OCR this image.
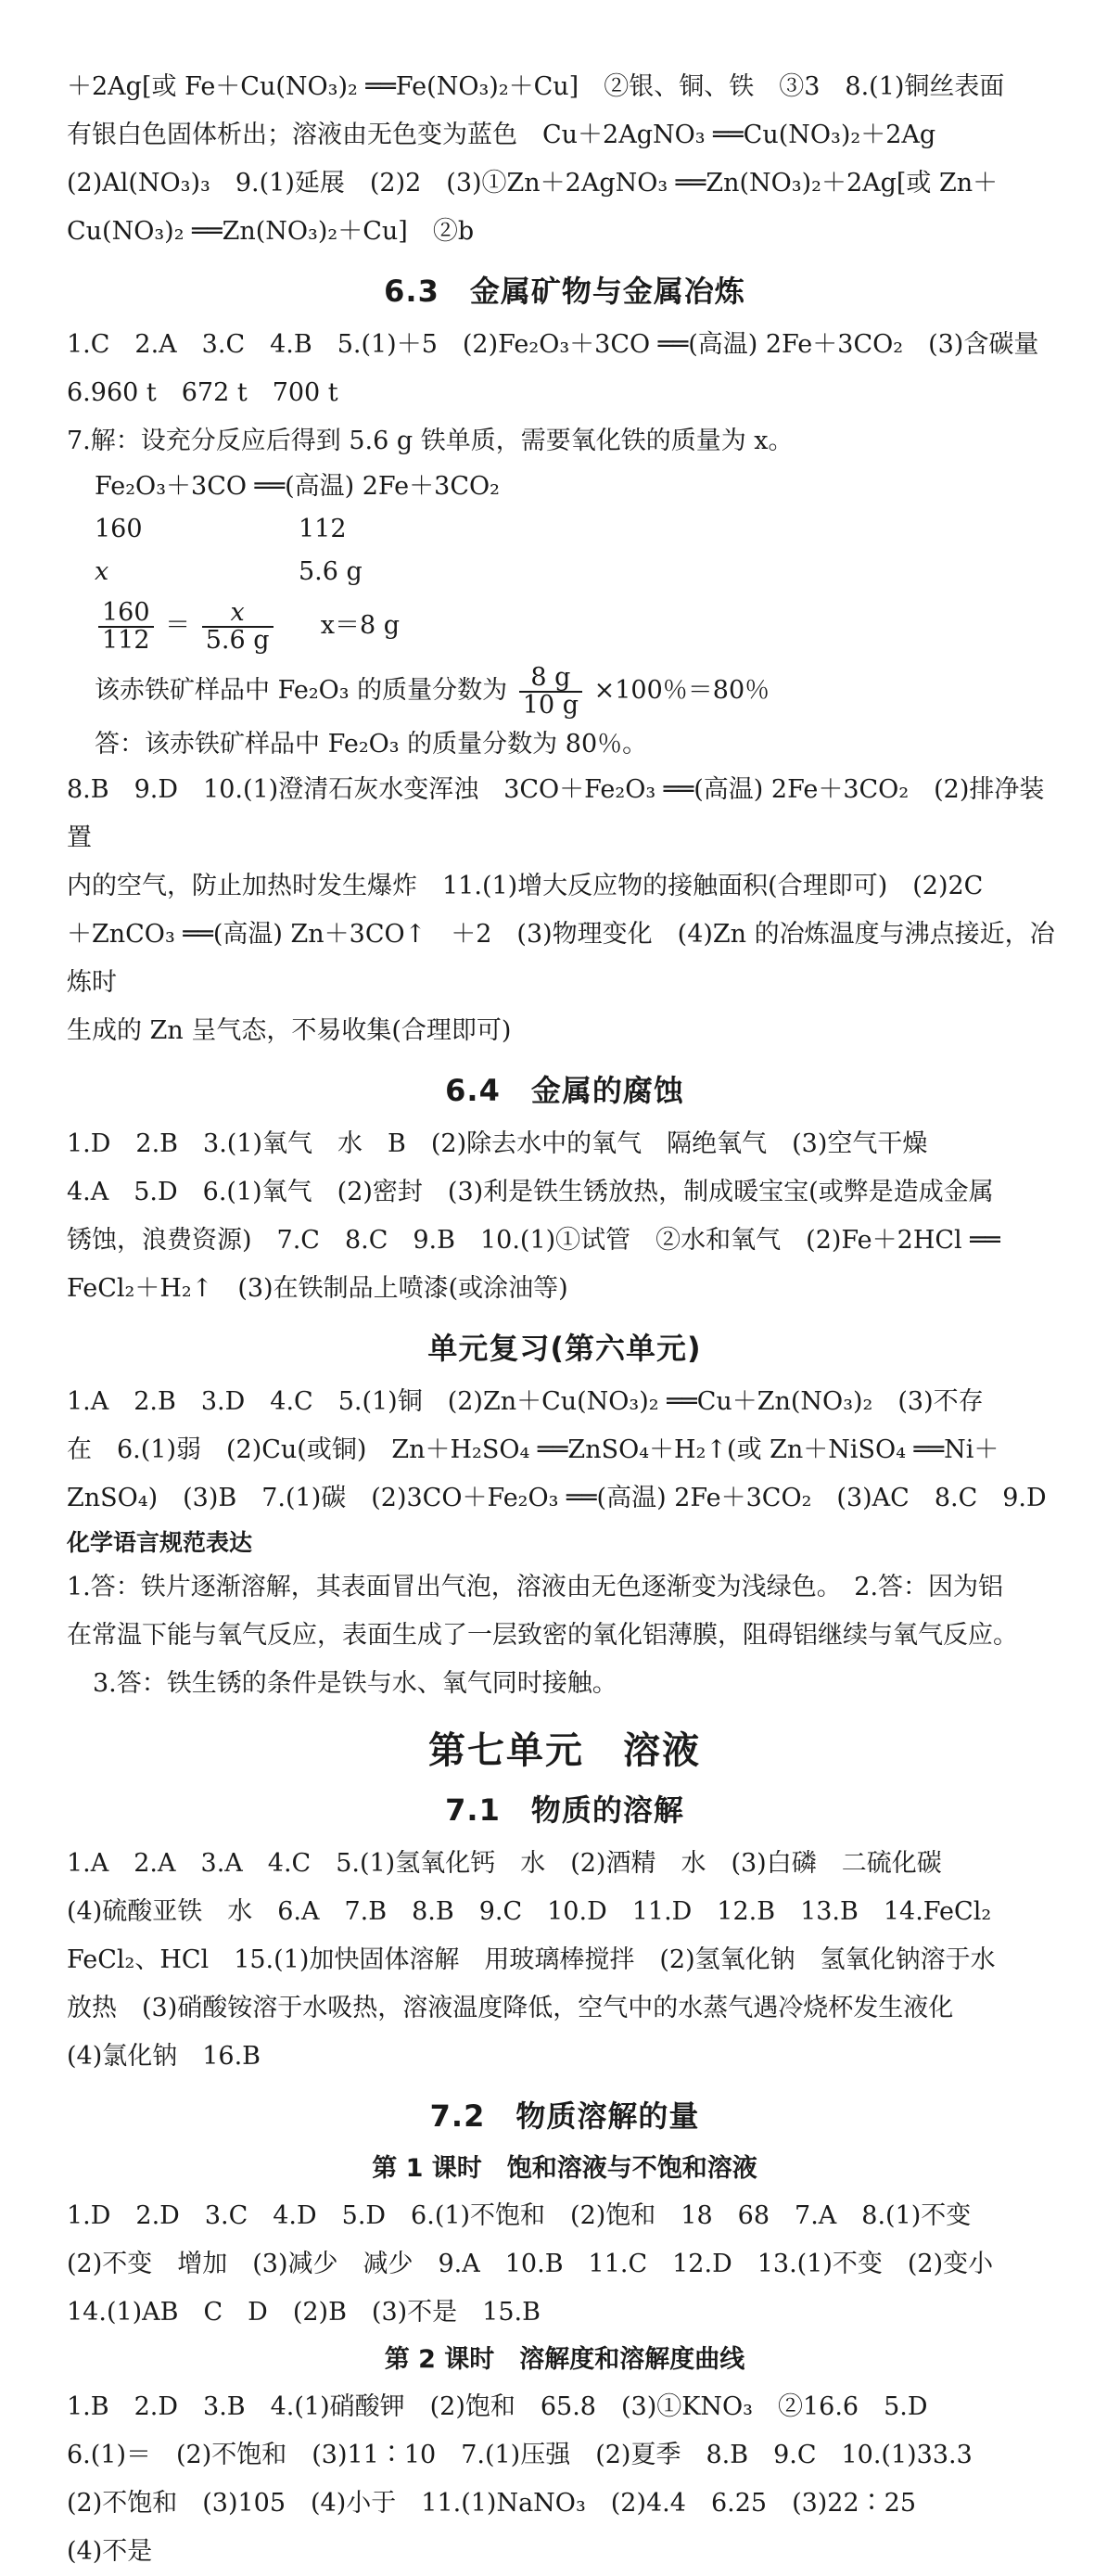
＋2Ag[或 Fe＋Cu(NO₃)₂ ══Fe(NO₃)₂＋Cu]　②银、铜、铁　③3　8.(1)铜丝表面
有银白色固体析出；溶液由无色变为蓝色　Cu＋2AgNO₃ ══Cu(NO₃)₂＋2Ag
(2)Al(NO₃)₃　9.(1)延展　(2)2　(3)①Zn＋2AgNO₃ ══Zn(NO₃)₂＋2Ag[或 Zn＋
Cu(NO₃)₂ ══Zn(NO₃)₂＋Cu]　②b
6.3　金属矿物与金属冶炼
1.C　2.A　3.C　4.B　5.(1)＋5　(2)Fe₂O₃＋3CO ══(高温) 2Fe＋3CO₂　(3)含碳量
6.960 t　672 t　700 t
7.解：设充分反应后得到 5.6 g 铁单质，需要氧化铁的质量为 x。
Fe₂O₃＋3CO ══(高温) 2Fe＋3CO₂
160	112
x	5.6 g
$\frac{160}{112} = \frac{x}{5.6 g} x=8$ g
该赤铁矿样品中 Fe₂O₃ 的质量分数为 $\frac{8 g}{10 g} \times 100$％＝80％
答：该赤铁矿样品中 Fe₂O₃ 的质量分数为 80％。
8.B　9.D　10.(1)澄清石灰水变浑浊　3CO＋Fe₂O₃ ══(高温) 2Fe＋3CO₂　(2)排净装置
内的空气，防止加热时发生爆炸　11.(1)增大反应物的接触面积(合理即可)　(2)2C
＋ZnCO₃ ══(高温) Zn＋3CO↑　＋2　(3)物理变化　(4)Zn 的冶炼温度与沸点接近，冶炼时
生成的 Zn 呈气态，不易收集(合理即可)
6.4　金属的腐蚀
1.D　2.B　3.(1)氧气　水　B　(2)除去水中的氧气　隔绝氧气　(3)空气干燥
4.A　5.D　6.(1)氧气　(2)密封　(3)利是铁生锈放热，制成暖宝宝(或弊是造成金属
锈蚀，浪费资源)　7.C　8.C　9.B　10.(1)①试管　②水和氧气　(2)Fe＋2HCl ══
FeCl₂＋H₂↑　(3)在铁制品上喷漆(或涂油等)
单元复习(第六单元)
1.A　2.B　3.D　4.C　5.(1)铜　(2)Zn＋Cu(NO₃)₂ ══Cu＋Zn(NO₃)₂　(3)不存
在　6.(1)弱　(2)Cu(或铜)　Zn＋H₂SO₄ ══ZnSO₄＋H₂↑(或 Zn＋NiSO₄ ══Ni＋
ZnSO₄)　(3)B　7.(1)碳　(2)3CO＋Fe₂O₃ ══(高温) 2Fe＋3CO₂　(3)AC　8.C　9.D
化学语言规范表达
1.答：铁片逐渐溶解，其表面冒出气泡，溶液由无色逐渐变为浅绿色。　2.答：因为铝
在常温下能与氧气反应，表面生成了一层致密的氧化铝薄膜，阻碍铝继续与氧气反应。
3.答：铁生锈的条件是铁与水、氧气同时接触。
第七单元　溶液
7.1　物质的溶解
1.A　2.A　3.A　4.C　5.(1)氢氧化钙　水　(2)酒精　水　(3)白磷　二硫化碳
(4)硫酸亚铁　水　6.A　7.B　8.B　9.C　10.D　11.D　12.B　13.B　14.FeCl₂
FeCl₂、HCl　15.(1)加快固体溶解　用玻璃棒搅拌　(2)氢氧化钠　氢氧化钠溶于水
放热　(3)硝酸铵溶于水吸热，溶液温度降低，空气中的水蒸气遇冷烧杯发生液化
(4)氯化钠　16.B
7.2　物质溶解的量
第 1 课时　饱和溶液与不饱和溶液
1.D　2.D　3.C　4.D　5.D　6.(1)不饱和　(2)饱和　18　68　7.A　8.(1)不变
(2)不变　增加　(3)减少　减少　9.A　10.B　11.C　12.D　13.(1)不变　(2)变小
14.(1)AB　C　D　(2)B　(3)不是　15.B
第 2 课时　溶解度和溶解度曲线
1.B　2.D　3.B　4.(1)硝酸钾　(2)饱和　65.8　(3)①KNO₃　②16.6　5.D
6.(1)＝　(2)不饱和　(3)11∶10　7.(1)压强　(2)夏季　8.B　9.C　10.(1)33.3
(2)不饱和　(3)105　(4)小于　11.(1)NaNO₃　(2)4.4　6.25　(3)22∶25
(4)不是
